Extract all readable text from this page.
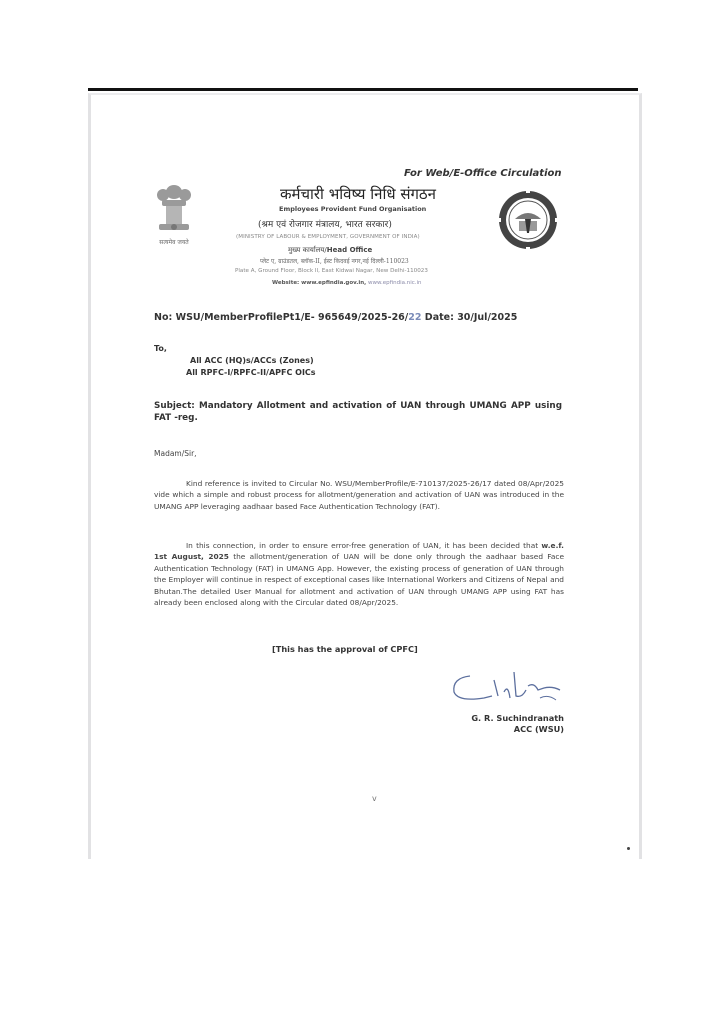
For Web/E-Office Circulation
सत्यमेव जयते
कर्मचारी भविष्य निधि संगठन
Employees Provident Fund Organisation
(श्रम एवं रोजगार मंत्रालय, भारत सरकार)
(MINISTRY OF LABOUR & EMPLOYMENT, GOVERNMENT OF INDIA)
मुख्य कार्यालय/Head Office
प्लेट ए, ग्राउंडतल, ब्लॉक-II, ईस्ट किदवई नगर,नई दिल्ली-110023
Plate A, Ground Floor, Block II, East Kidwai Nagar, New Delhi-110023
Website: www.epfindia.gov.in, www.epfindia.nic.in
No: WSU/MemberProfilePt1/E- 965649/2025-26/22 Date: 30/Jul/2025
To,
All ACC (HQ)s/ACCs (Zones)
All RPFC-I/RPFC-II/APFC OICs
Subject: Mandatory Allotment and activation of UAN through UMANG APP using FAT -reg.
Madam/Sir,
Kind reference is invited to Circular No. WSU/MemberProfile/E-710137/2025-26/17 dated 08/Apr/2025 vide which a simple and robust process for allotment/generation and activation of UAN was introduced in the UMANG APP leveraging aadhaar based Face Authentication Technology (FAT).
In this connection, in order to ensure error-free generation of UAN, it has been decided that w.e.f. 1st August, 2025 the allotment/generation of UAN will be done only through the aadhaar based Face Authentication Technology (FAT) in UMANG App. However, the existing process of generation of UAN through the Employer will continue in respect of exceptional cases like International Workers and Citizens of Nepal and Bhutan.The detailed User Manual for allotment and activation of UAN through UMANG APP using FAT has already been enclosed along with the Circular dated 08/Apr/2025.
[This has the approval of CPFC]
G. R. Suchindranath
ACC (WSU)
v
